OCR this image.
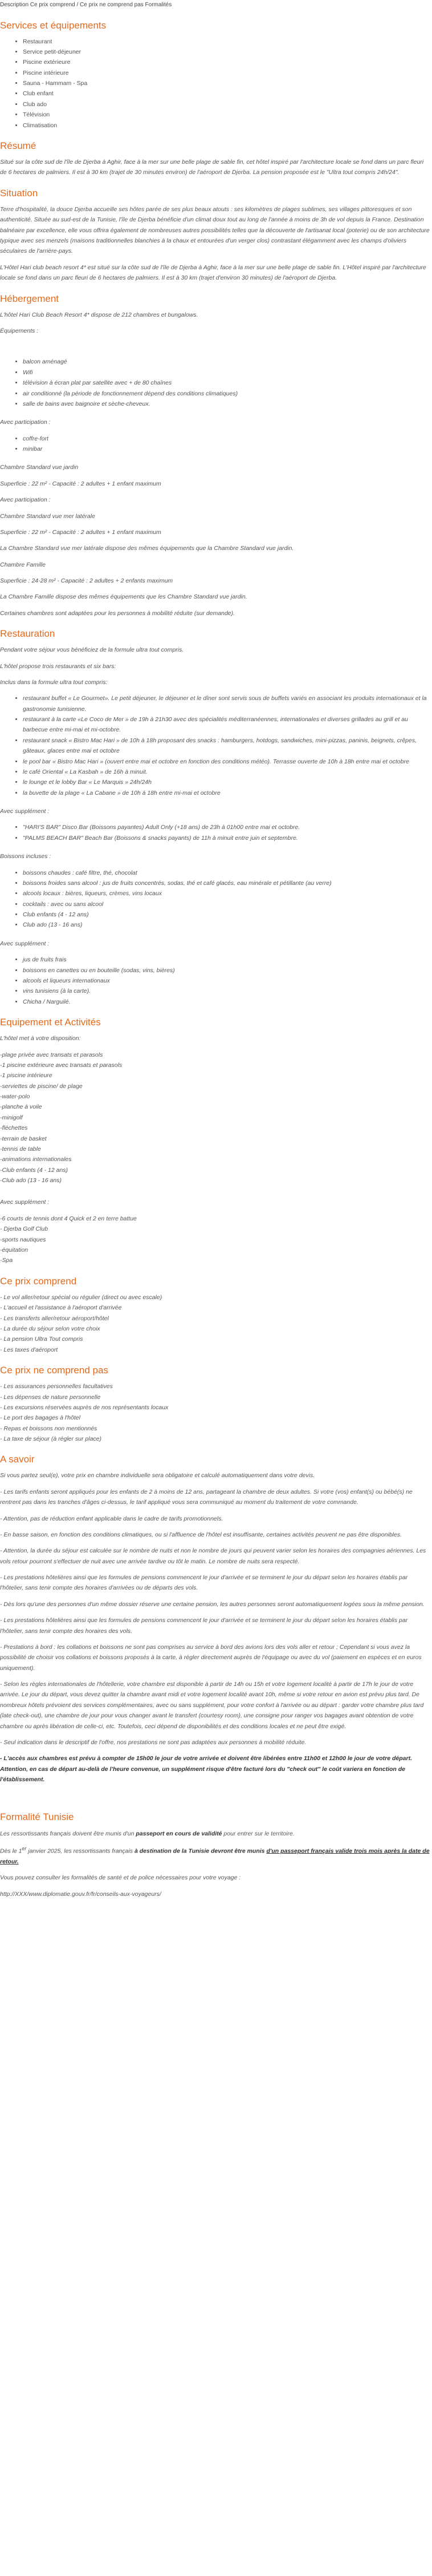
Description Ce prix comprend / Ce prix ne comprend pas Formalités
Services et équipements
• Restaurant
• Service petit-déjeuner
• Piscine extérieure
• Piscine intérieure
• Sauna - Hammam - Spa
• Club enfant
• Club ado
• Télévision
• Climatisation
Résumé

Situé sur la côte sud de l'île de Djerba à Aghir, face à la mer sur une belle plage de sable fin, cet hôtel inspiré par l'architecture locale se fond dans un parc fleuri de 6 hectares de palmiers. Il est à 30 km (trajet de 30 minutes environ) de l'aéroport de Djerba. La pension proposée est le "Ultra tout compris 24h/24".

Situation

Terre d'hospitalité, la douce Djerba accueille ses hôtes parée de ses plus beaux atouts : ses kilomètres de plages sublimes, ses villages pittoresques et son authenticité. Située au sud-est de la Tunisie, l'île de Djerba bénéficie d'un climat doux tout au long de l'année à moins de 3h de vol depuis la France. Destination balnéaire par excellence, elle vous offrira également de nombreuses autres possibilités telles que la découverte de l'artisanat local (poterie) ou de son architecture typique avec ses menzels (maisons traditionnelles blanchies à la chaux et entourées d'un verger clos) contrastant élégamment avec les champs d'oliviers séculaires de l'arrière-pays.

L'Hôtel Hari club beach resort 4* est situé sur la côte sud de l'île de Djerba à Aghir, face à la mer sur une belle plage de sable fin. L'Hôtel inspiré par l'architecture locale se fond dans un parc fleuri de 6 hectares de palmiers. Il est à 30 km (trajet d'environ 30 minutes) de l'aéroport de Djerba.

Hébergement

L'hôtel Hari Club Beach Resort 4* dispose de 212 chambres et bungalows.

Équipements :

• balcon aménagé
• Wifi
• télévision à écran plat par satellite avec + de 80 chaînes
• air conditionné (la période de fonctionnement dépend des conditions climatiques)
• salle de bains avec baignoire et sèche-cheveux.

Avec participation :

• coffre-fort
• minibar

Chambre Standard vue jardin

Superficie : 22 m² - Capacité : 2 adultes + 1 enfant maximum

Avec participation :

Chambre Standard vue mer latérale

Superficie : 22 m² - Capacité : 2 adultes + 1 enfant maximum

La Chambre Standard vue mer latérale dispose des mêmes équipements que la Chambre Standard vue jardin.

Chambre Famille

Superficie : 24-28 m² - Capacité : 2 adultes + 2 enfants maximum

La Chambre Famille dispose des mêmes équipements que les Chambre Standard vue jardin.

Certaines chambres sont adaptées pour les personnes à mobilité réduite (sur demande).

Restauration

Pendant votre séjour vous bénéficiez de la formule ultra tout compris.

L'hôtel propose trois restaurants et six bars:

Inclus dans la formule ultra tout compris:

• restaurant buffet « Le Gourmet». Le petit déjeuner, le déjeuner et le dîner sont servis sous de buffets variés en associant les produits internationaux et la gastronomie tunisienne.
• restaurant à la carte «Le Coco de Mer » de 19h à 21h30 avec des spécialités méditerranéennes, internationales et diverses grillades au grill et au barbecue entre mi-mai et mi-octobre.
• restaurant snack « Bistro Mac Hari » de 10h à 18h proposant des snacks : hamburgers, hotdogs, sandwiches, mini-pizzas, paninis, beignets, crêpes, gâteaux, glaces entre mai et octobre
• le pool bar « Bistro Mac Hari » (ouvert entre mai et octobre en fonction des conditions météo). Terrasse ouverte de 10h à 18h entre mai et octobre
• le café Oriental « La Kasbah » de 16h à minuit.
• le lounge et le lobby Bar « Le Marquis » 24h/24h
• la buvette de la plage « La Cabane » de 10h à 18h entre mi-mai et octobre

Avec supplément :

• "HARI'S BAR" Disco Bar (Boissons payantes) Adult Only (+18 ans) de 23h à 01h00 entre mai et octobre.
• "PALMS BEACH BAR" Beach Bar (Boissons & snacks payants) de 11h à minuit entre juin et septembre.

Boissons incluses :

• boissons chaudes : café filtre, thé, chocolat
• boissons froides sans alcool : jus de fruits concentrés, sodas, thé et café glacés, eau minérale et pétillante (au verre)
• alcools locaux : bières, liqueurs, crèmes, vins locaux
• cocktails : avec ou sans alcool
• Club enfants (4 - 12 ans)
• Club ado (13 - 16 ans)

Avec supplément :

• jus de fruits frais
• boissons en canettes ou en bouteille (sodas, vins, bières)
• alcools et liqueurs internationaux
• vins tunisiens (à la carte).
• Chicha / Narguilé.
Equipement et Activités

L'hôtel met à votre disposition:

-plage privée avec transats et parasols

-1 piscine extérieure avec transats et parasols

-1 piscine intérieure

-serviettes de piscine/ de plage

-water-polo

-planche à voile

-minigolf

-fléchettes

-terrain de basket

-tennis de table

-animations internationales

-Club enfants (4 - 12 ans)

-Club ado (13 - 16 ans)

Avec supplément :

-6 courts de tennis dont 4 Quick et 2 en terre battue

- Djerba Golf Club

-sports nautiques

-équitation

-Spa

Ce prix comprend

- Le vol aller/retour spécial ou régulier (direct ou avec escale)

- L'accueil et l'assistance à l'aéroport d'arrivée

- Les transferts aller/retour aéroport/hôtel

- La durée du séjour selon votre choix

- La pension Ultra Tout compris

- Les taxes d'aéroport

Ce prix ne comprend pas

- Les assurances personnelles facultatives

- Les dépenses de nature personnelle

- Les excursions réservées auprès de nos représentants locaux

- Le port des bagages à l'hôtel

- Repas et boissons non mentionnés

- La taxe de séjour (à régler sur place)

A savoir

Si vous partez seul(e), votre prix en chambre individuelle sera obligatoire et calculé automatiquement dans votre devis.

- Les tarifs enfants seront appliqués pour les enfants de 2 à moins de 12 ans, partageant la chambre de deux adultes. Si votre (vos) enfant(s) ou bébé(s) ne rentrent pas dans les tranches d'âges ci-dessus, le tarif appliqué vous sera communiqué au moment du traitement de votre commande.

- Attention, pas de réduction enfant applicable dans le cadre de tarifs promotionnels.

- En basse saison, en fonction des conditions climatiques, ou si l'affluence de l'hôtel est insuffisante, certaines activités peuvent ne pas être disponibles.

- Attention, la durée du séjour est calculée sur le nombre de nuits et non le nombre de jours qui peuvent varier selon les horaires des compagnies aériennes. Les vols retour pourront s'effectuer de nuit avec une arrivée tardive ou tôt le matin. Le nombre de nuits sera respecté.

- Les prestations hôtelières ainsi que les formules de pensions commencent le jour d'arrivée et se terminent le jour du départ selon les horaires établis par l'hôtelier, sans tenir compte des horaires d'arrivées ou de départs des vols.

- Dès lors qu'une des personnes d'un même dossier réserve une certaine pension, les autres personnes seront automatiquement logées sous la même pension.

- Les prestations hôtelières ainsi que les formules de pensions commencent le jour d'arrivée et se terminent le jour du départ selon les horaires établis par l'hôtelier, sans tenir compte des horaires des vols.

- Prestations à bord : les collations et boissons ne sont pas comprises au service à bord des avions lors des vols aller et retour ; Cependant si vous avez la possibilité de choisir vos collations et boissons proposés à la carte, à régler directement auprès de l'équipage ou avec du vol (paiement en espèces et en euros uniquement).

- Selon les règles internationales de l'hôtellerie, votre chambre est disponible à partir de 14h ou 15h et votre logement localité à partir de 17h le jour de votre arrivée. Le jour du départ, vous devez quitter la chambre avant midi et votre logement localité avant 10h, même si votre retour en avion est prévu plus tard. De nombreux hôtels prévoient des services complémentaires, avec ou sans supplément, pour votre confort à l'arrivée ou au départ : garder votre chambre plus tard (late check-out), une chambre de jour pour vous changer avant le transfert (courtesy room), une consigne pour ranger vos bagages avant obtention de votre chambre ou après libération de celle-ci, etc. Toutefois, ceci dépend de disponibilités et des conditions locales et ne peut être exigé.

- Seul indication dans le descriptif de l'offre, nos prestations ne sont pas adaptées aux personnes à mobilité réduite.

- L'accès aux chambres est prévu à compter de 15h00 le jour de votre arrivée et doivent être libérées entre 11h00 et 12h00 le jour de votre départ. Attention, en cas de départ au-delà de l'heure convenue, un supplément risque d'être facturé lors du "check out" le coût variera en fonction de l'établissement.

Formalité Tunisie

Les ressortissants français doivent être munis d'un passeport en cours de validité pour entrer sur le territoire.

Dès le 1er janvier 2025, les ressortissants français à destination de la Tunisie devront être munis d'un passeport français valide trois mois après la date de retour.

Vous pouvez consulter les formalités de santé et de police nécessaires pour votre voyage :

http://XXX/www.diplomatie.gouv.fr/fr/conseils-aux-voyageurs/
